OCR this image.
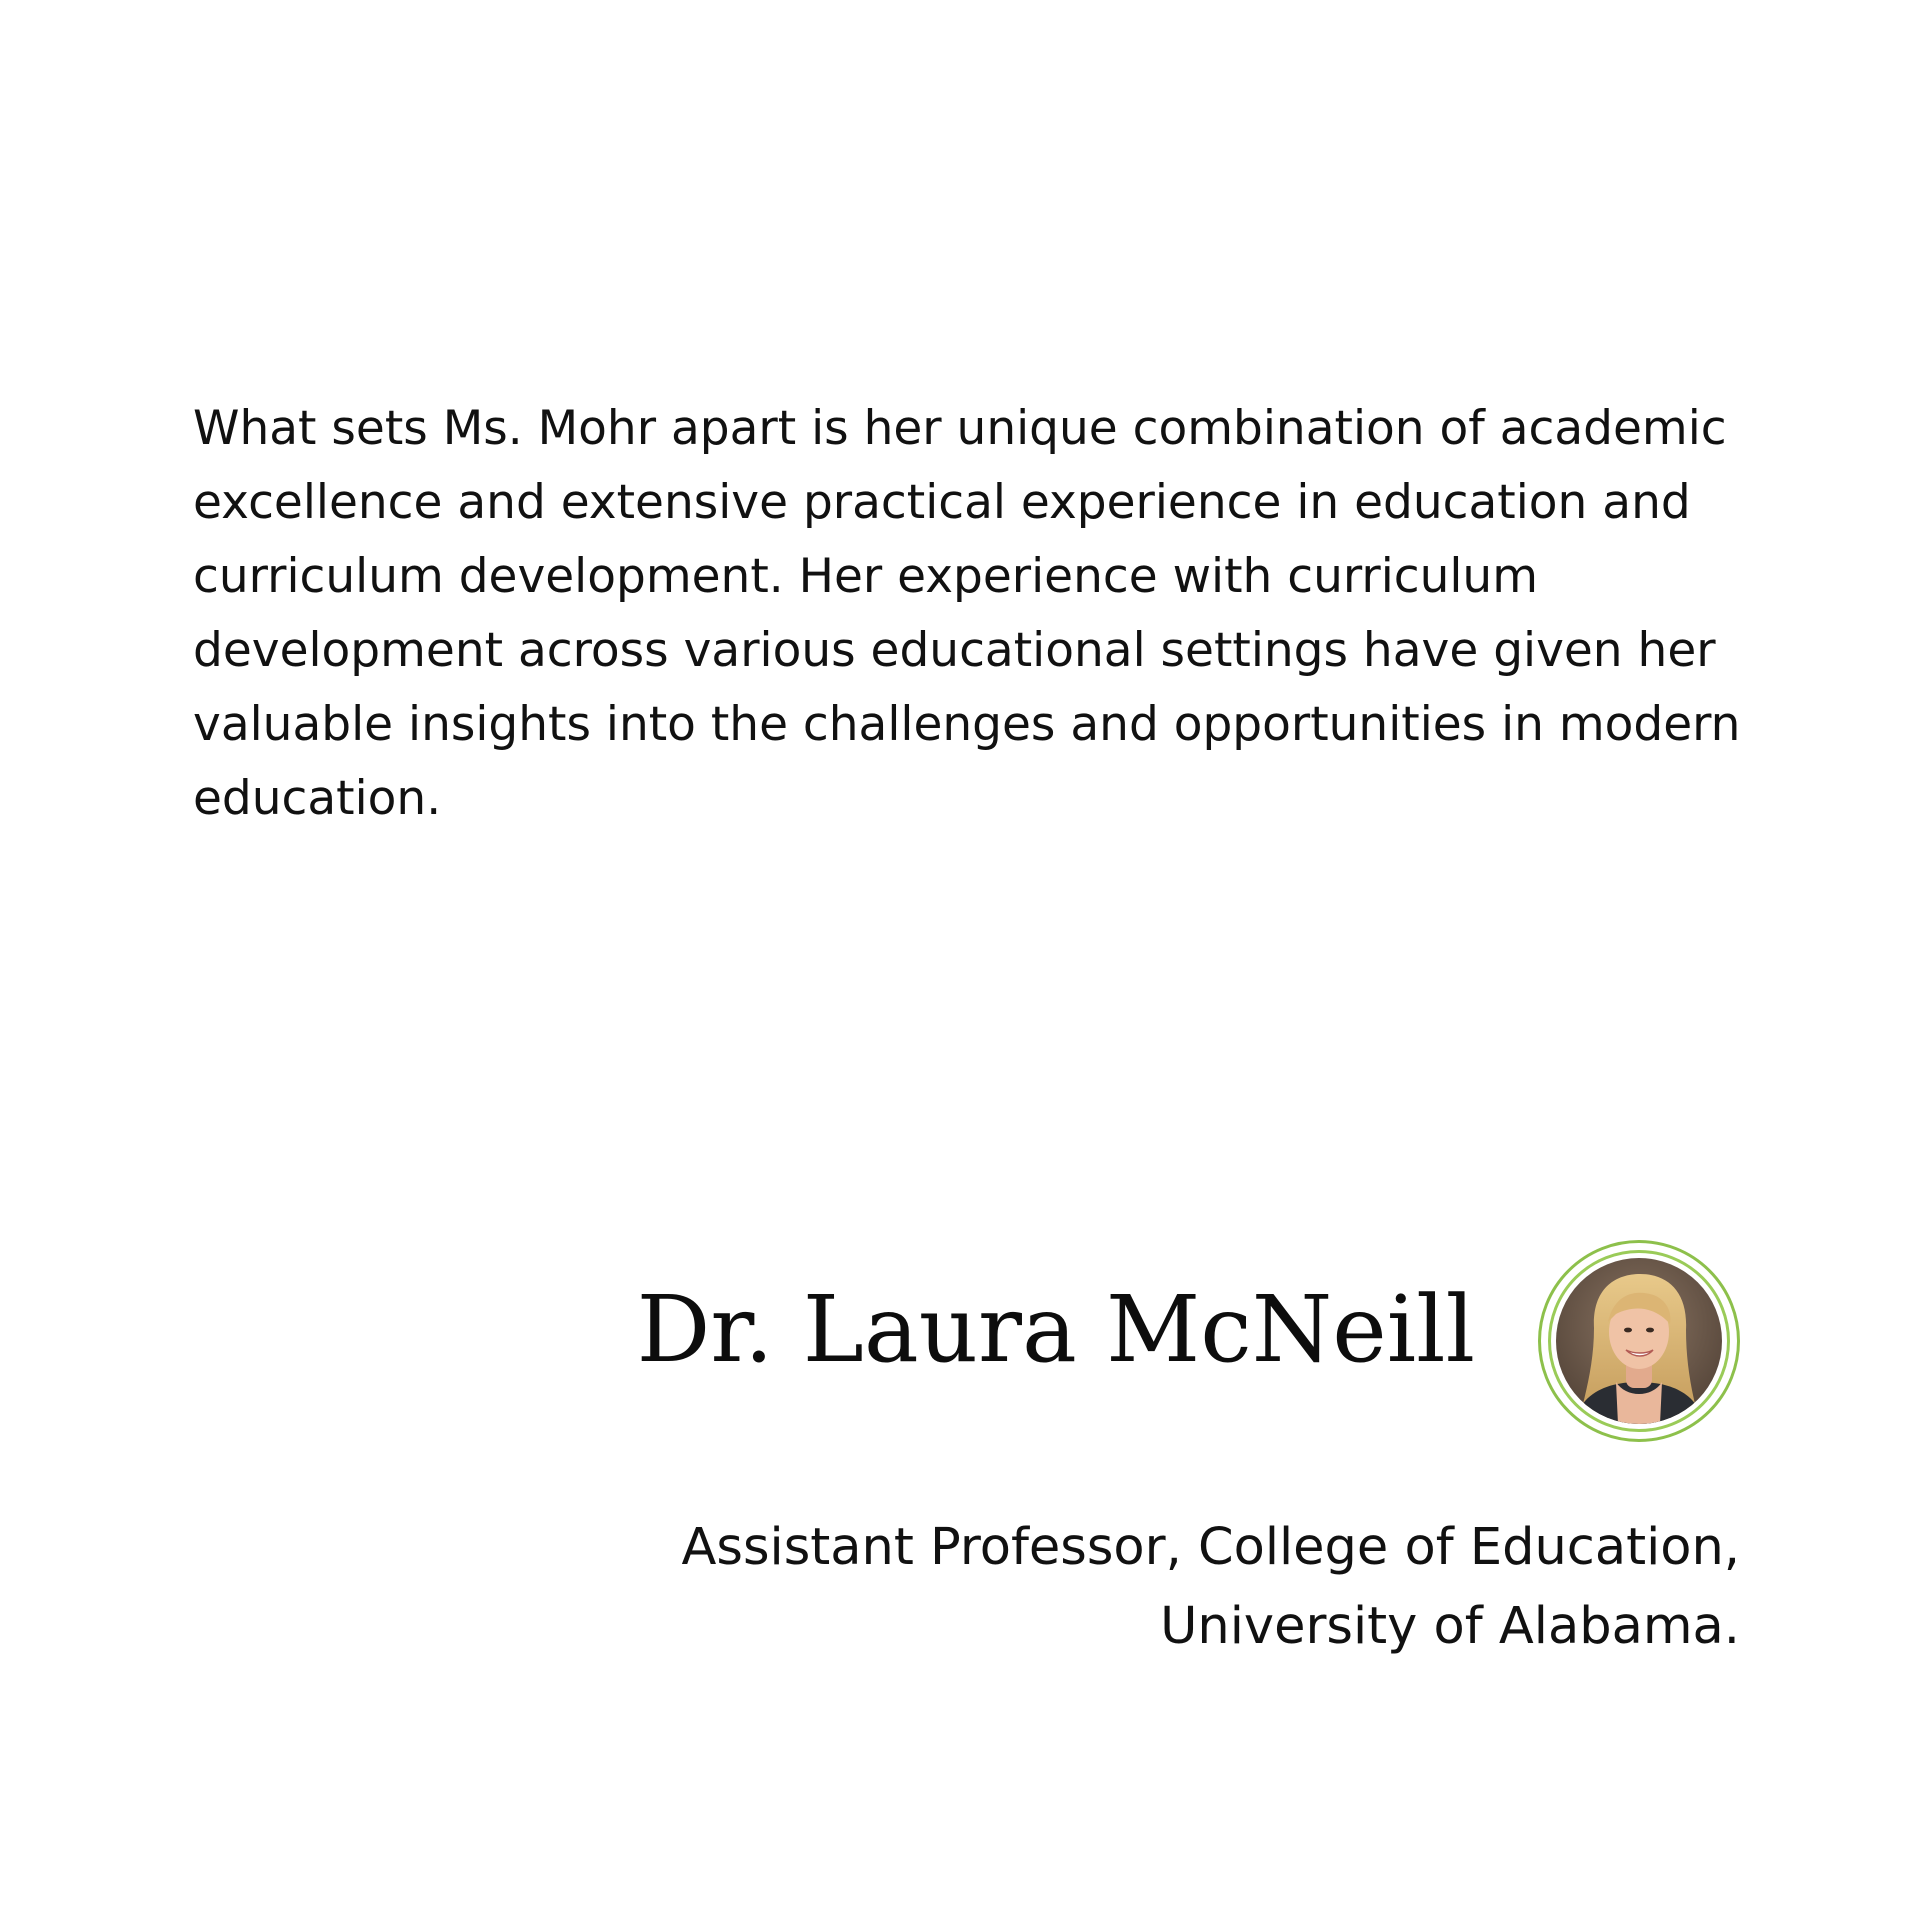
What sets Ms. Mohr apart is her unique combination of academic
excellence and extensive practical experience in education and
curriculum development. Her experience with curriculum
development across various educational settings have given her
valuable insights into the challenges and opportunities in modern
education.

Dr. Laura McNeill

Assistant Professor, College of Education,
University of Alabama.
